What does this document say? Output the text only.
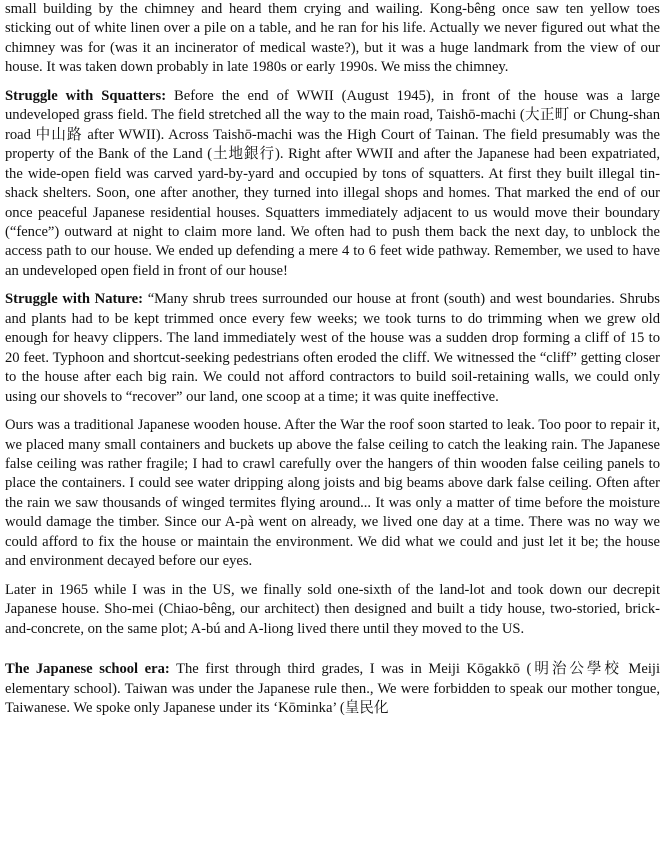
small building by the chimney and heard them crying and wailing. Kong-bêng once saw ten yellow toes sticking out of white linen over a pile on a table, and he ran for his life. Actually we never figured out what the chimney was for (was it an incinerator of medical waste?), but it was a huge landmark from the view of our house. It was taken down probably in late 1980s or early 1990s. We miss the chimney.

Struggle with Squatters: Before the end of WWII (August 1945), in front of the house was a large undeveloped grass field. The field stretched all the way to the main road, Taishō-machi (大正町 or Chung-shan road 中山路 after WWII). Across Taishō-machi was the High Court of Tainan. The field presumably was the property of the Bank of the Land (土地銀行). Right after WWII and after the Japanese had been expatriated, the wide-open field was carved yard-by-yard and occupied by tons of squatters. At first they built illegal tin-shack shelters. Soon, one after another, they turned into illegal shops and homes. That marked the end of our once peaceful Japanese residential houses. Squatters immediately adjacent to us would move their boundary (“fence”) outward at night to claim more land. We often had to push them back the next day, to unblock the access path to our house. We ended up defending a mere 4 to 6 feet wide pathway. Remember, we used to have an undeveloped open field in front of our house!

Struggle with Nature: “Many shrub trees surrounded our house at front (south) and west boundaries. Shrubs and plants had to be kept trimmed once every few weeks; we took turns to do trimming when we grew old enough for heavy clippers. The land immediately west of the house was a sudden drop forming a cliff of 15 to 20 feet. Typhoon and shortcut-seeking pedestrians often eroded the cliff. We witnessed the “cliff” getting closer to the house after each big rain. We could not afford contractors to build soil-retaining walls, we could only using our shovels to “recover” our land, one scoop at a time; it was quite ineffective.

Ours was a traditional Japanese wooden house. After the War the roof soon started to leak. Too poor to repair it, we placed many small containers and buckets up above the false ceiling to catch the leaking rain. The Japanese false ceiling was rather fragile; I had to crawl carefully over the hangers of thin wooden false ceiling panels to place the containers. I could see water dripping along joists and big beams above dark false ceiling. Often after the rain we saw thousands of winged termites flying around... It was only a matter of time before the moisture would damage the timber. Since our A-pà went on already, we lived one day at a time. There was no way we could afford to fix the house or maintain the environment. We did what we could and just let it be; the house and environment decayed before our eyes.

Later in 1965 while I was in the US, we finally sold one-sixth of the land-lot and took down our decrepit Japanese house. Sho-mei (Chiao-bêng, our architect) then designed and built a tidy house, two-storied, brick-and-concrete, on the same plot; A-bú and A-liong lived there until they moved to the US.

The Japanese school era: The first through third grades, I was in Meiji Kōgakkō (明治公學校 Meiji elementary school). Taiwan was under the Japanese rule then., We were forbidden to speak our mother tongue, Taiwanese. We spoke only Japanese under its ‘Kōminka’ (皇民化
